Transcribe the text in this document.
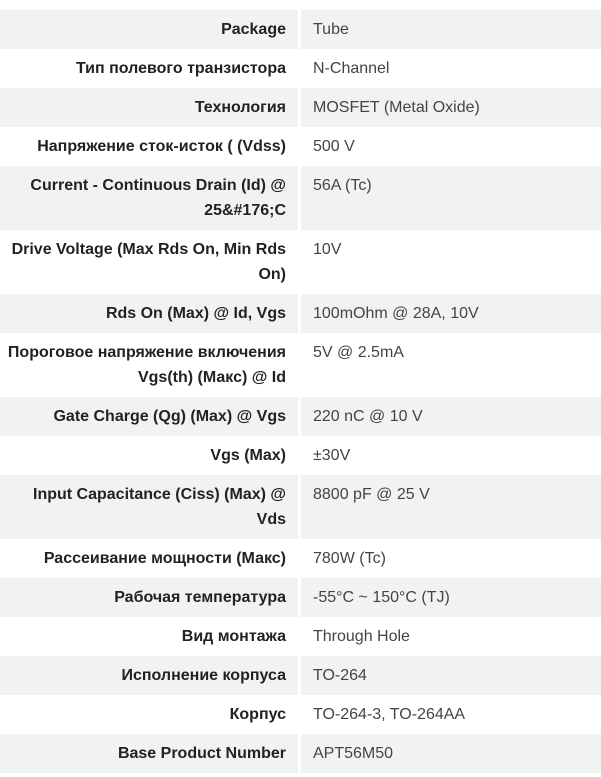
Package	Tube
Тип полевого транзистора	N-Channel
Технология	MOSFET (Metal Oxide)
Напряжение сток-исток ( (Vdss)	500 V
Current - Continuous Drain (Id) @ 25&#176;C	56A (Tc)
Drive Voltage (Max Rds On, Min Rds On)	10V
Rds On (Max) @ Id, Vgs	100mOhm @ 28A, 10V
Пороговое напряжение включения Vgs(th) (Макс) @ Id	5V @ 2.5mA
Gate Charge (Qg) (Max) @ Vgs	220 nC @ 10 V
Vgs (Max)	±30V
Input Capacitance (Ciss) (Max) @ Vds	8800 pF @ 25 V
Рассеивание мощности (Макс)	780W (Tc)
Рабочая температура	-55°C ~ 150°C (TJ)
Вид монтажа	Through Hole
Исполнение корпуса	TO-264
Корпус	TO-264-3, TO-264AA
Base Product Number	APT56M50
